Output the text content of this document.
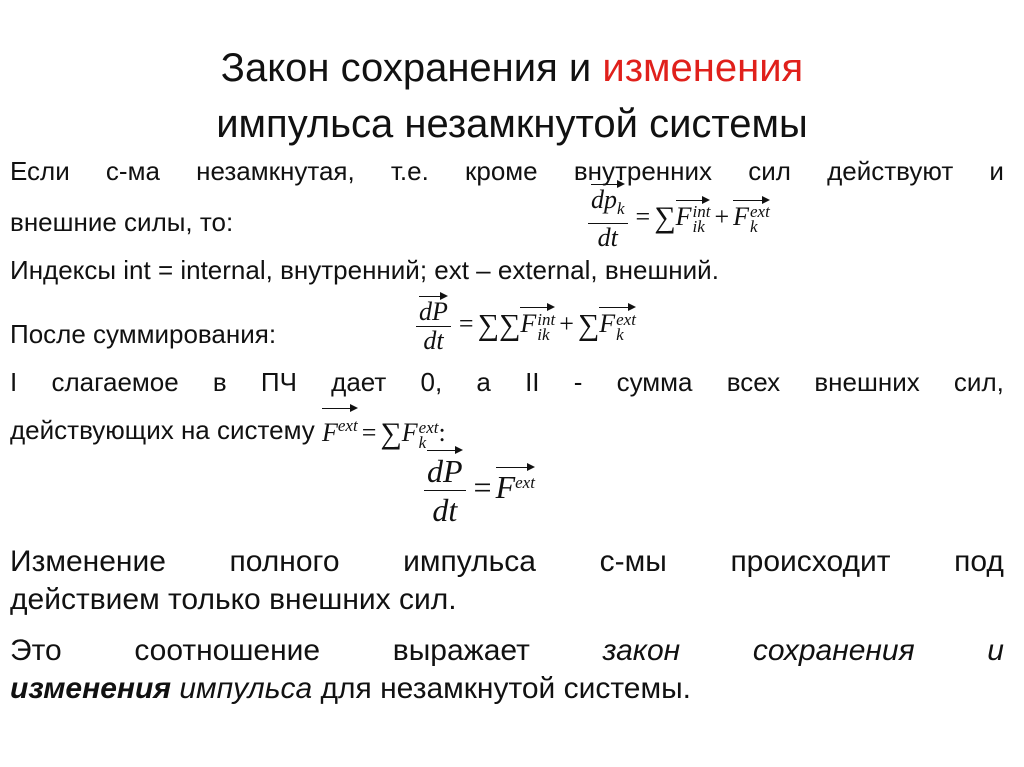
Закон сохранения и изменения
импульса незамкнутой системы
Если с-ма незамкнутая, т.е. кроме внутренних сил действуют и
внешние силы, то:	$\frac{dp_k}{dt} = \sum F$ int
ik + F ext
k
Индексы int = internal, внутренний; ext – external, внешний.
После суммирования:	$\frac{dP}{dt} = \sum\sum F$ int
ik + ∑F ext
k
I слагаемое в ПЧ дает 0, а II - сумма всех внешних сил,
действующих на систему $F^{ext} = \sum F$ ext
k :
$\frac{dP}{dt} = F^{ext}$
Изменение полного импульса с-мы происходит под
действием только внешних сил.
Это соотношение выражает закон сохранения и
изменения импульса для незамкнутой системы.
